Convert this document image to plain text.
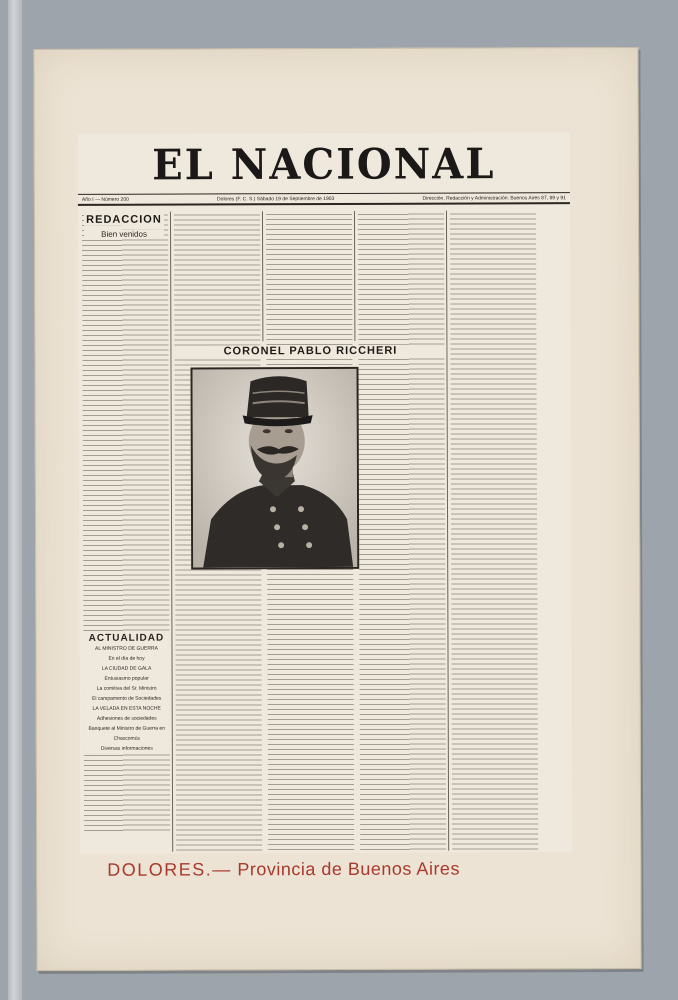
EL NACIONAL
Año I — Número 200	Dolores (F. C. S.) Sábado 19 de Septiembre de 1903	Dirección, Redacción y Administración: Buenos Aires 87, 89 y 91
REDACCION
Bien venidos
CORONEL PABLO RICCHERI
ACTUALIDAD
AL MINISTRO DE GUERRA
En el día de hoy
LA CIUDAD DE GALA
Entusiasmo popular
La comitiva del Sr. Ministro
El campamento de Sociedades
LA VELADA EN ESTA NOCHE
Adhesiones de sociedades
Banquete al Ministro de Guerra en Chascomús
Diversas informaciones
DOLORES.— Provincia de Buenos Aires
